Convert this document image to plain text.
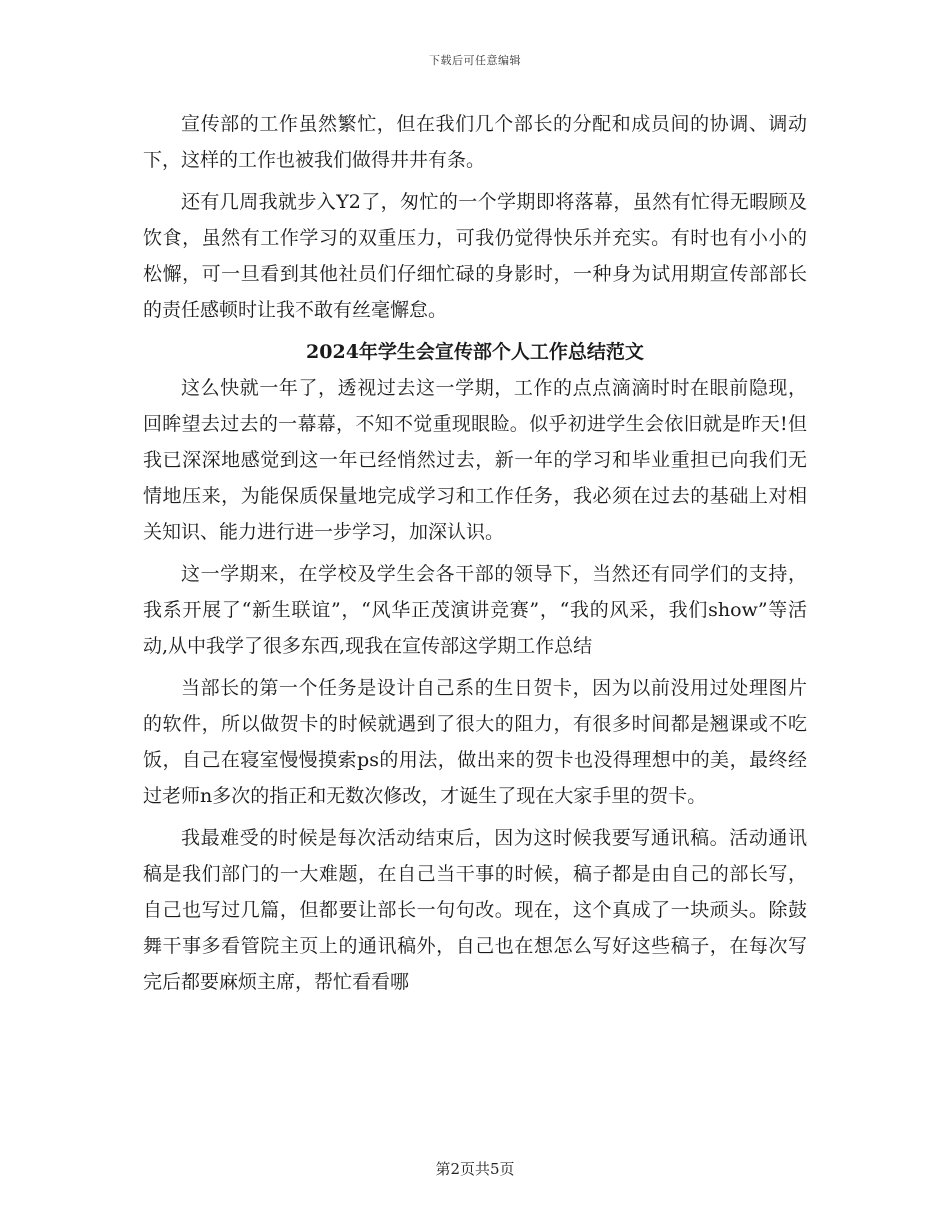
下载后可任意编辑

宣传部的工作虽然繁忙，但在我们几个部长的分配和成员间的协调、调动下，这样的工作也被我们做得井井有条。

还有几周我就步入Y2了，匆忙的一个学期即将落幕，虽然有忙得无暇顾及饮食，虽然有工作学习的双重压力，可我仍觉得快乐并充实。有时也有小小的松懈，可一旦看到其他社员们仔细忙碌的身影时，一种身为试用期宣传部部长的责任感顿时让我不敢有丝毫懈怠。

2024年学生会宣传部个人工作总结范文

这么快就一年了，透视过去这一学期，工作的点点滴滴时时在眼前隐现，回眸望去过去的一幕幕，不知不觉重现眼睑。似乎初进学生会依旧就是昨天!但我已深深地感觉到这一年已经悄然过去，新一年的学习和毕业重担已向我们无情地压来，为能保质保量地完成学习和工作任务，我必须在过去的基础上对相关知识、能力进行进一步学习，加深认识。

这一学期来，在学校及学生会各干部的领导下，当然还有同学们的支持，我系开展了“新生联谊”，“风华正茂演讲竞赛”，“我的风采，我们show”等活动,从中我学了很多东西,现我在宣传部这学期工作总结

当部长的第一个任务是设计自己系的生日贺卡，因为以前没用过处理图片的软件，所以做贺卡的时候就遇到了很大的阻力，有很多时间都是翘课或不吃饭，自己在寝室慢慢摸索ps的用法，做出来的贺卡也没得理想中的美，最终经过老师n多次的指正和无数次修改，才诞生了现在大家手里的贺卡。

我最难受的时候是每次活动结束后，因为这时候我要写通讯稿。活动通讯稿是我们部门的一大难题，在自己当干事的时候，稿子都是由自己的部长写，自己也写过几篇，但都要让部长一句句改。现在，这个真成了一块顽头。除鼓舞干事多看管院主页上的通讯稿外，自己也在想怎么写好这些稿子，在每次写完后都要麻烦主席，帮忙看看哪

第2页共5页
